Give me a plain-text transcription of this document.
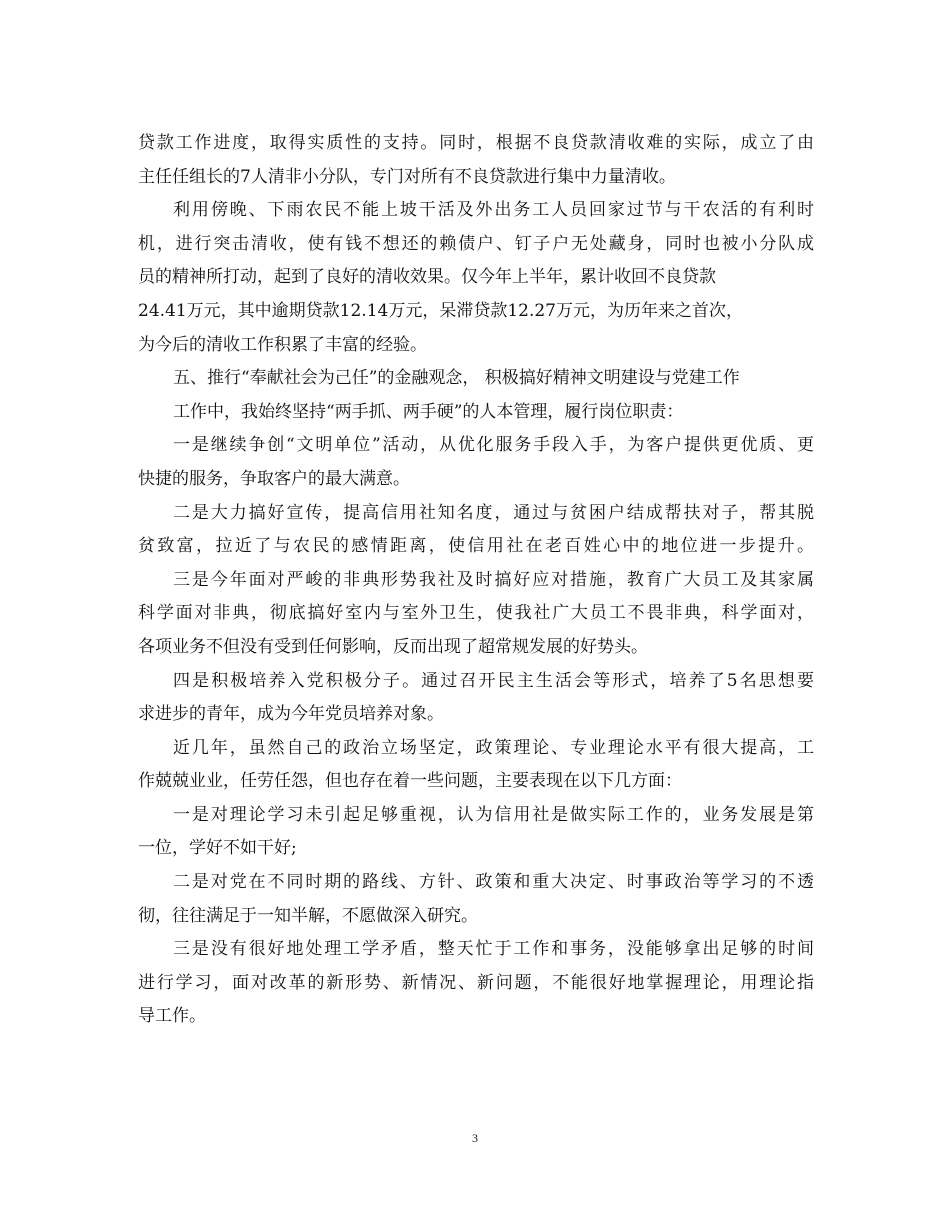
贷款工作进度，取得实质性的支持。同时，根据不良贷款清收难的实际，成立了由
主任任组长的7人清非小分队，专门对所有不良贷款进行集中力量清收。
利用傍晚、下雨农民不能上坡干活及外出务工人员回家过节与干农活的有利时
机，进行突击清收，使有钱不想还的赖债户、钉子户无处藏身，同时也被小分队成
员的精神所打动，起到了良好的清收效果。仅今年上半年，累计收回不良贷款
24.41万元，其中逾期贷款12.14万元，呆滞贷款12.27万元，为历年来之首次，
为今后的清收工作积累了丰富的经验。
五、推行“奉献社会为己任”的金融观念， 积极搞好精神文明建设与党建工作
工作中，我始终坚持“两手抓、两手硬”的人本管理，履行岗位职责：
一是继续争创“文明单位”活动，从优化服务手段入手，为客户提供更优质、更
快捷的服务，争取客户的最大满意。
二是大力搞好宣传，提高信用社知名度，通过与贫困户结成帮扶对子，帮其脱
贫致富，拉近了与农民的感情距离，使信用社在老百姓心中的地位进一步提升。
三是今年面对严峻的非典形势我社及时搞好应对措施，教育广大员工及其家属
科学面对非典，彻底搞好室内与室外卫生，使我社广大员工不畏非典，科学面对，
各项业务不但没有受到任何影响，反而出现了超常规发展的好势头。
四是积极培养入党积极分子。通过召开民主生活会等形式，培养了5名思想要
求进步的青年，成为今年党员培养对象。
近几年，虽然自己的政治立场坚定，政策理论、专业理论水平有很大提高，工
作兢兢业业，任劳任怨，但也存在着一些问题，主要表现在以下几方面：
一是对理论学习未引起足够重视，认为信用社是做实际工作的，业务发展是第
一位，学好不如干好;
二是对党在不同时期的路线、方针、政策和重大决定、时事政治等学习的不透
彻，往往满足于一知半解，不愿做深入研究。
三是没有很好地处理工学矛盾，整天忙于工作和事务，没能够拿出足够的时间
进行学习，面对改革的新形势、新情况、新问题，不能很好地掌握理论，用理论指
导工作。
3
